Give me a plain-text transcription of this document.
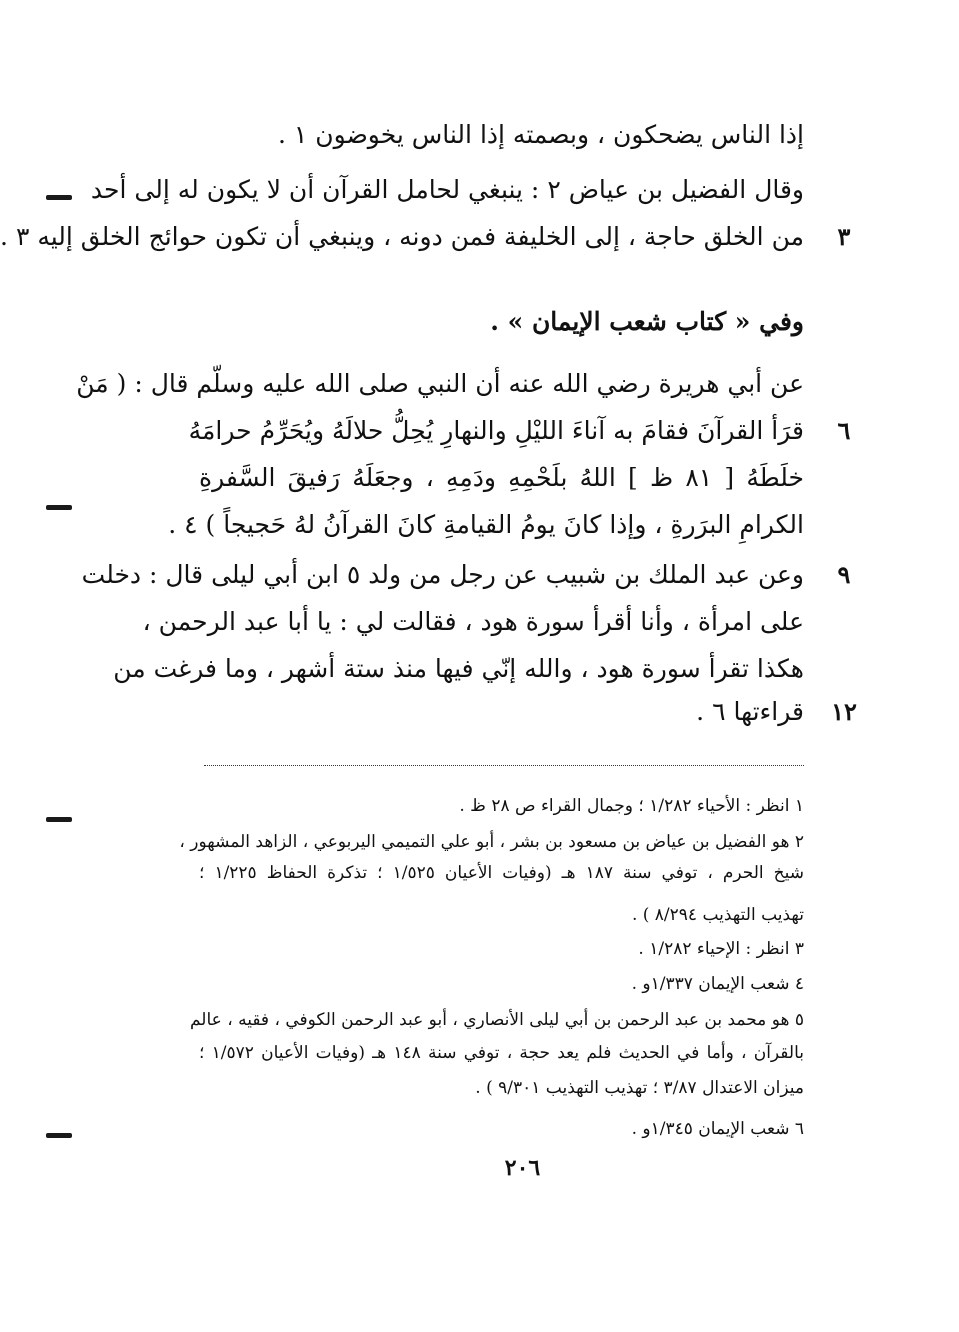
إذا الناس يضحكون ، وبصمته إذا الناس يخوضون ١ .
وقال الفضيل بن عياض ٢ : ينبغي لحامل القرآن أن لا يكون له إلى أحد
من الخلق حاجة ، إلى الخليفة فمن دونه ، وينبغي أن تكون حوائج الخلق إليه ٣ .	٣
وفي « كتاب شعب الإيمان » .
عن أبي هريرة رضي الله عنه أن النبي صلى الله عليه وسلّم قال : ( مَنْ
قرَأ القرآنَ فقامَ به آناءَ الليْلِ والنهارِ يُحِلُّ حلالَهُ ويُحَرِّمُ حرامَهُ	٦
خلَطَهُ [ ٨١ ظ ] اللهُ بلَحْمِهِ ودَمِهِ ، وجعَلَهُ رَفيقَ السَّفرةِ
الكرامِ البرَرةِ ، وإذا كانَ يومُ القيامةِ كانَ القرآنُ لهُ حَجيجاً ) ٤ .
وعن عبد الملك بن شبيب عن رجل من ولد ٥ ابن أبي ليلى قال : دخلت	٩
على امرأة ، وأنا أقرأ سورة هود ، فقالت لي : يا أبا عبد الرحمن ،
هكذا تقرأ سورة هود ، والله إنّي فيها منذ ستة أشهر ، وما فرغت من
قراءتها ٦ . ١٢
١ انظر : الأحياء ١/٢٨٢ ؛ وجمال القراء ص ٢٨ ظ .
٢ هو الفضيل بن عياض بن مسعود بن بشر ، أبو علي التميمي اليربوعي ، الزاهد المشهور ،
شيخ الحرم ، توفي سنة ١٨٧ هـ (وفيات الأعيان ١/٥٢٥ ؛ تذكرة الحفاظ ١/٢٢٥ ؛
تهذيب التهذيب ٨/٢٩٤ ) .
٣ انظر : الإحياء ١/٢٨٢ .
٤ شعب الإيمان ١/٣٣٧و .
٥ هو محمد بن عبد الرحمن بن أبي ليلى الأنصاري ، أبو عبد الرحمن الكوفي ، فقيه ، عالم
بالقرآن ، وأما في الحديث فلم يعد حجة ، توفي سنة ١٤٨ هـ (وفيات الأعيان ١/٥٧٢ ؛
ميزان الاعتدال ٣/٨٧ ؛ تهذيب التهذيب ٩/٣٠١ ) .
٦ شعب الإيمان ١/٣٤٥و .
٢٠٦
